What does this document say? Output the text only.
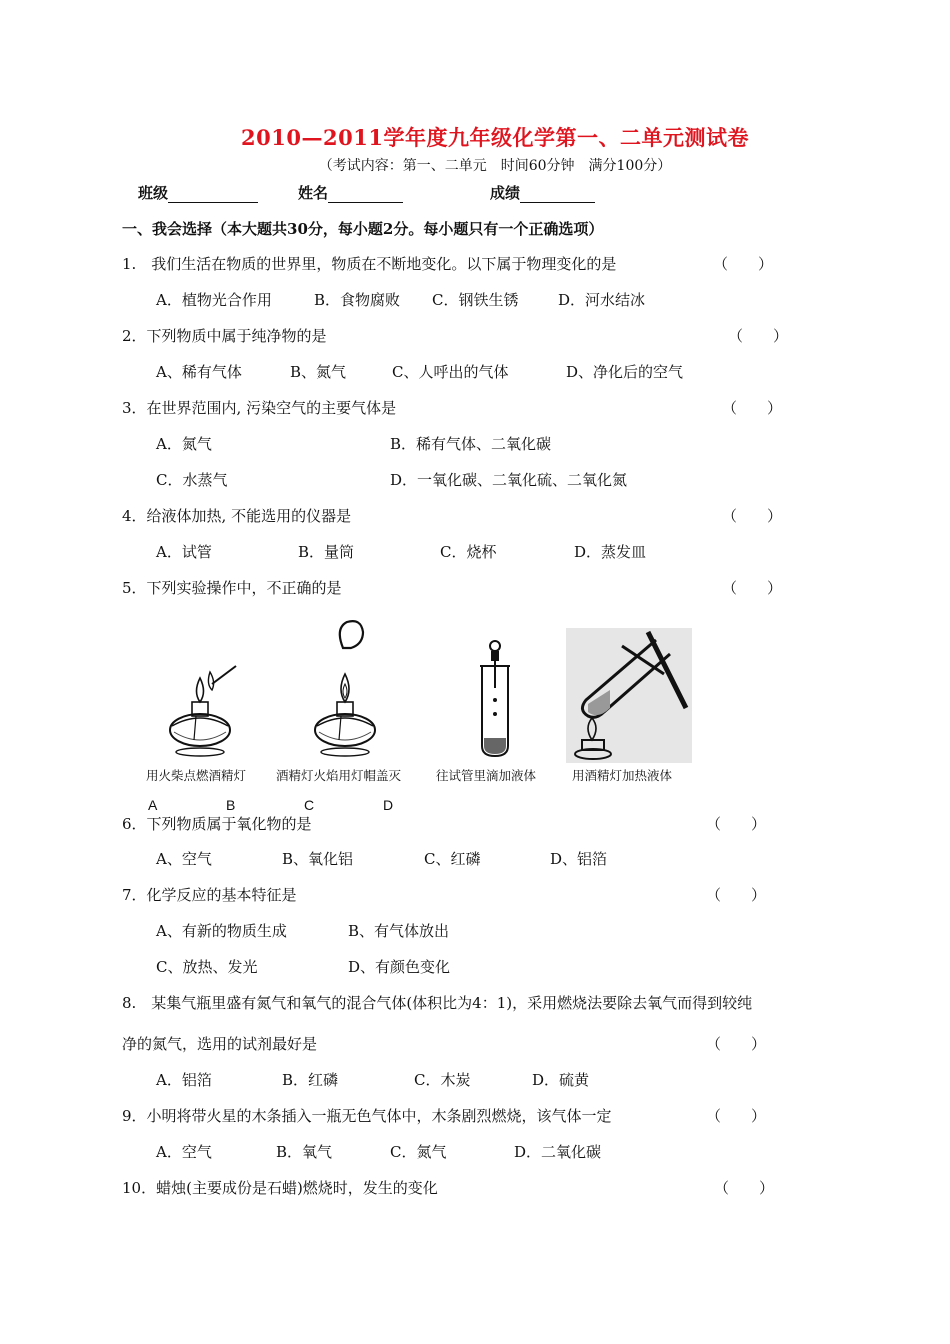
2010—2011学年度九年级化学第一、二单元测试卷
（考试内容：第一、二单元　时间60分钟　满分100分）
班级	姓名	成绩
一、我会选择（本大题共30分，每小题2分。每小题只有一个正确选项）
1.　我们生活在物质的世界里，物质在不断地变化。以下属于物理变化的是	（　　）
A．植物光合作用	B．食物腐败 C．钢铁生锈	D．河水结冰
2．下列物质中属于纯净物的是	（　　）
A、稀有气体	B、氮气	C、人呼出的气体	D、净化后的空气
3．在世界范围内, 污染空气的主要气体是	（　　）
A．氮气	B．稀有气体、二氧化碳
C．水蒸气	D．一氧化碳、二氧化硫、二氧化氮
4．给液体加热, 不能选用的仪器是	（　　）
A．试管	B．量筒	C．烧杯	D．蒸发皿
5．下列实验操作中，不正确的是	（　　）
用火柴点燃酒精灯 酒精灯火焰用灯帽盖灭	往试管里滴加液体	用酒精灯加热液体
A	B	C	D
6．下列物质属于氧化物的是	（　　）
A、空气	B、氧化铝	C、红磷	D、铝箔
7．化学反应的基本特征是	（　　）
A、有新的物质生成	B、有气体放出
C、放热、发光	D、有颜色变化
8.　某集气瓶里盛有氮气和氧气的混合气体(体积比为4：1)，采用燃烧法要除去氧气而得到较纯
净的氮气，选用的试剂最好是	（　　）
A．铝箔	B．红磷	C．木炭	D．硫黄
9．小明将带火星的木条插入一瓶无色气体中，木条剧烈燃烧，该气体一定	（　　）
A．空气	B．氧气	C．氮气	D．二氧化碳
10．蜡烛(主要成份是石蜡)燃烧时，发生的变化	（　　）
